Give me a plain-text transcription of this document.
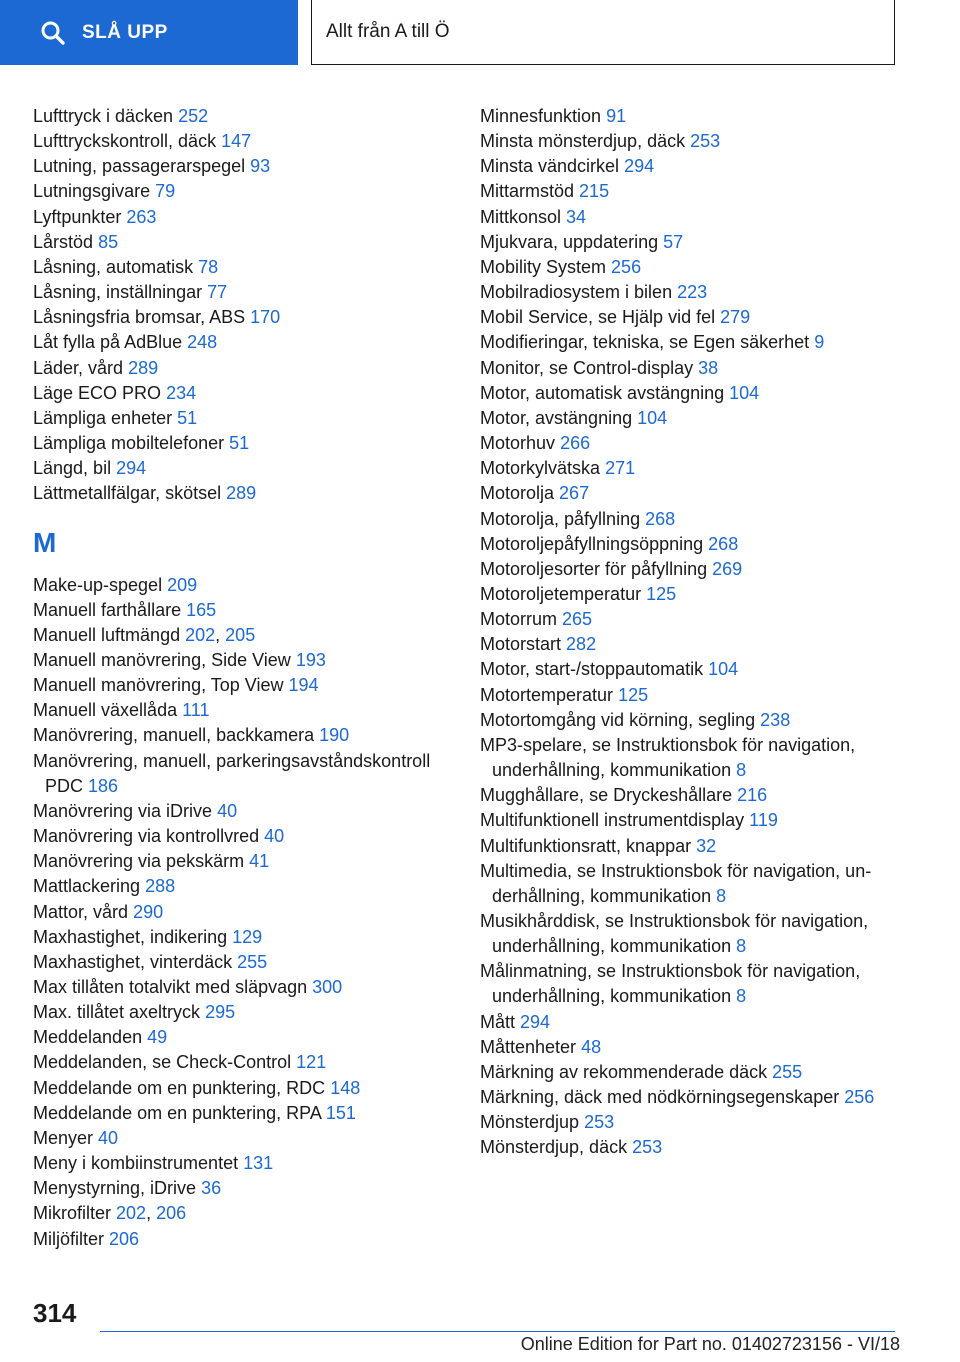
SLÅ UPP	Allt från A till Ö
Lufttryck i däcken 252
Lufttryckskontroll, däck 147
Lutning, passagerarspegel 93
Lutningsgivare 79
Lyftpunkter 263
Lårstöd 85
Låsning, automatisk 78
Låsning, inställningar 77
Låsningsfria bromsar, ABS 170
Låt fylla på AdBlue 248
Läder, vård 289
Läge ECO PRO 234
Lämpliga enheter 51
Lämpliga mobiltelefoner 51
Längd, bil 294
Lättmetallfälgar, skötsel 289
M
Make-up-spegel 209
Manuell farthållare 165
Manuell luftmängd 202, 205
Manuell manövrering, Side View 193
Manuell manövrering, Top View 194
Manuell växellåda 111
Manövrering, manuell, backkamera 190
Manövrering, manuell, parkeringsavståndskontroll PDC 186
Manövrering via iDrive 40
Manövrering via kontrollvred 40
Manövrering via pekskärm 41
Mattlackering 288
Mattor, vård 290
Maxhastighet, indikering 129
Maxhastighet, vinterdäck 255
Max tillåten totalvikt med släpvagn 300
Max. tillåtet axeltryck 295
Meddelanden 49
Meddelanden, se Check-Control 121
Meddelande om en punktering, RDC 148
Meddelande om en punktering, RPA 151
Menyer 40
Meny i kombiinstrumentet 131
Menystyrning, iDrive 36
Mikrofilter 202, 206
Miljöfilter 206
Minnesfunktion 91
Minsta mönsterdjup, däck 253
Minsta vändcirkel 294
Mittarmstöd 215
Mittkonsol 34
Mjukvara, uppdatering 57
Mobility System 256
Mobilradiosystem i bilen 223
Mobil Service, se Hjälp vid fel 279
Modifieringar, tekniska, se Egen säkerhet 9
Monitor, se Control-display 38
Motor, automatisk avstängning 104
Motor, avstängning 104
Motorhuv 266
Motorkylvätska 271
Motorolja 267
Motorolja, påfyllning 268
Motoroljepåfyllningsöppning 268
Motoroljesorter för påfyllning 269
Motoroljetemperatur 125
Motorrum 265
Motorstart 282
Motor, start-/stoppautomatik 104
Motortemperatur 125
Motortomgång vid körning, segling 238
MP3-spelare, se Instruktionsbok för navigation, underhållning, kommunikation 8
Mugghållare, se Dryckeshållare 216
Multifunktionell instrumentdisplay 119
Multifunktionsratt, knappar 32
Multimedia, se Instruktionsbok för navigation, underhållning, kommunikation 8
Musikhårddisk, se Instruktionsbok för navigation, underhållning, kommunikation 8
Målinmatning, se Instruktionsbok för navigation, underhållning, kommunikation 8
Mått 294
Måttenheter 48
Märkning av rekommenderade däck 255
Märkning, däck med nödkörningsegenskaper 256
Mönsterdjup 253
Mönsterdjup, däck 253
314
Online Edition for Part no. 01402723156 - VI/18
